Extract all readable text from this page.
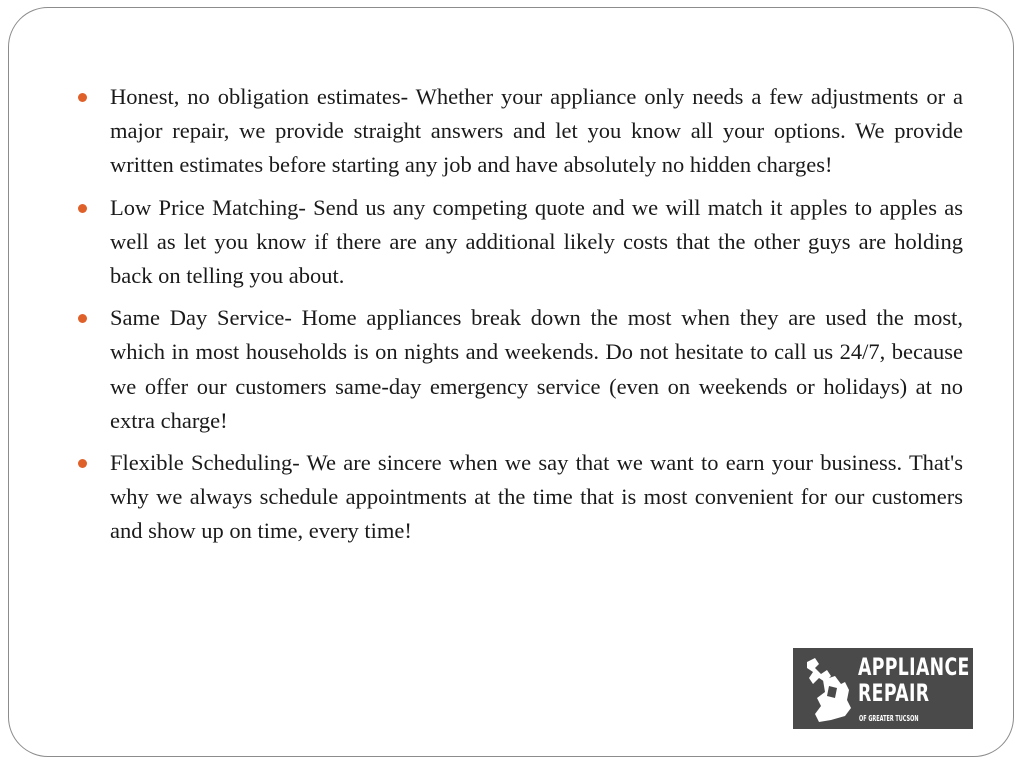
Honest, no obligation estimates- Whether your appliance only needs a few adjustments or a major repair, we provide straight answers and let you know all your options. We provide written estimates before starting any job and have absolutely no hidden charges!
Low Price Matching- Send us any competing quote and we will match it apples to apples as well as let you know if there are any additional likely costs that the other guys are holding back on telling you about.
Same Day Service- Home appliances break down the most when they are used the most, which in most households is on nights and weekends. Do not hesitate to call us 24/7, because we offer our customers same-day emergency service (even on weekends or holidays) at no extra charge!
Flexible Scheduling- We are sincere when we say that we want to earn your business. That's why we always schedule appointments at the time that is most convenient for our customers and show up on time, every time!
APPLIANCE
REPAIR
OF GREATER TUCSON
